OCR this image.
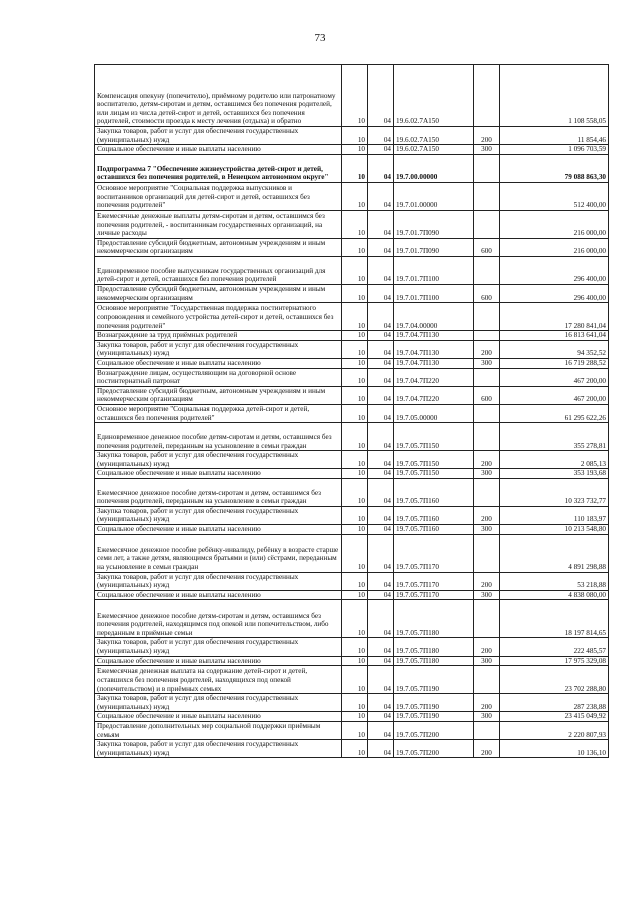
73
Компенсация опекуну (попечителю), приёмному родителю или патронатному воспитателю, детям-сиротам и детям, оставшимся без попечения родителей, или лицам из числа детей-сирот и детей, оставшихся без попечения родителей, стоимости проезда к месту лечения (отдыха) и обратно	10	04	19.6.02.7А150		1 108 558,05
Закупка товаров, работ и услуг для обеспечения государственных (муниципальных) нужд	10	04	19.6.02.7А150	200	11 854,46
Социальное обеспечение и иные выплаты населению	10	04	19.6.02.7А150	300	1 096 703,59
Подпрограмма 7 "Обеспечение жизнеустройства детей-сирот и детей, оставшихся без попечения родителей, в Ненецком автономном округе"	10	04	19.7.00.00000		79 088 863,30
Основное мероприятие "Социальная поддержка выпускников и воспитанников организаций для детей-сирот и детей, оставшихся без попечения родителей"	10	04	19.7.01.00000		512 400,00
Ежемесячные денежные выплаты детям-сиротам и детям, оставшимся без попечения родителей, - воспитанникам государственных организаций, на личные расходы	10	04	19.7.01.7П090		216 000,00
Предоставление субсидий бюджетным, автономным учреждениям и иным некоммерческим организациям	10	04	19.7.01.7П090	600	216 000,00
Единовременное пособие выпускникам государственных организаций для детей-сирот и детей, оставшихся без попечения родителей	10	04	19.7.01.7П100		296 400,00
Предоставление субсидий бюджетным, автономным учреждениям и иным некоммерческим организациям	10	04	19.7.01.7П100	600	296 400,00
Основное мероприятие "Государственная поддержка постинтернатного сопровождения и семейного устройства детей-сирот и детей, оставшихся без попечения родителей"	10	04	19.7.04.00000		17 280 841,04
Вознаграждение за труд приёмных родителей	10	04	19.7.04.7П130		16 813 641,04
Закупка товаров, работ и услуг для обеспечения государственных (муниципальных) нужд	10	04	19.7.04.7П130	200	94 352,52
Социальное обеспечение и иные выплаты населению	10	04	19.7.04.7П130	300	16 719 288,52
Вознаграждение лицам, осуществляющим на договорной основе постинтернатный патронат	10	04	19.7.04.7П220		467 200,00
Предоставление субсидий бюджетным, автономным учреждениям и иным некоммерческим организациям	10	04	19.7.04.7П220	600	467 200,00
Основное мероприятие "Социальная поддержка детей-сирот и детей, оставшихся без попечения родителей"	10	04	19.7.05.00000		61 295 622,26
Единовременное денежное пособие детям-сиротам и детям, оставшимся без попечения родителей, переданным на усыновление в семьи граждан	10	04	19.7.05.7П150		355 278,81
Закупка товаров, работ и услуг для обеспечения государственных (муниципальных) нужд	10	04	19.7.05.7П150	200	2 085,13
Социальное обеспечение и иные выплаты населению	10	04	19.7.05.7П150	300	353 193,68
Ежемесячное денежное пособие детям-сиротам и детям, оставшимся без попечения родителей, переданным на усыновление в семьи граждан	10	04	19.7.05.7П160		10 323 732,77
Закупка товаров, работ и услуг для обеспечения государственных (муниципальных) нужд	10	04	19.7.05.7П160	200	110 183,97
Социальное обеспечение и иные выплаты населению	10	04	19.7.05.7П160	300	10 213 548,80
Ежемесячное денежное пособие ребёнку-инвалиду, ребёнку в возрасте старше семи лет, а также детям, являющимся братьями и (или) сёстрами, переданным на усыновление в семьи граждан	10	04	19.7.05.7П170		4 891 298,88
Закупка товаров, работ и услуг для обеспечения государственных (муниципальных) нужд	10	04	19.7.05.7П170	200	53 218,88
Социальное обеспечение и иные выплаты населению	10	04	19.7.05.7П170	300	4 838 080,00
Ежемесячное денежное пособие детям-сиротам и детям, оставшимся без попечения родителей, находящимся под опекой или попечительством, либо переданным в приёмные семьи	10	04	19.7.05.7П180		18 197 814,65
Закупка товаров, работ и услуг для обеспечения государственных (муниципальных) нужд	10	04	19.7.05.7П180	200	222 485,57
Социальное обеспечение и иные выплаты населению	10	04	19.7.05.7П180	300	17 975 329,08
Ежемесячная денежная выплата на содержание детей-сирот и детей, оставшихся без попечения родителей, находящихся под опекой (попечительством) и в приёмных семьях	10	04	19.7.05.7П190		23 702 288,80
Закупка товаров, работ и услуг для обеспечения государственных (муниципальных) нужд	10	04	19.7.05.7П190	200	287 238,88
Социальное обеспечение и иные выплаты населению	10	04	19.7.05.7П190	300	23 415 049,92
Предоставление дополнительных мер социальной поддержки приёмным семьям	10	04	19.7.05.7П200		2 220 807,93
Закупка товаров, работ и услуг для обеспечения государственных (муниципальных) нужд	10	04	19.7.05.7П200	200	10 136,10
